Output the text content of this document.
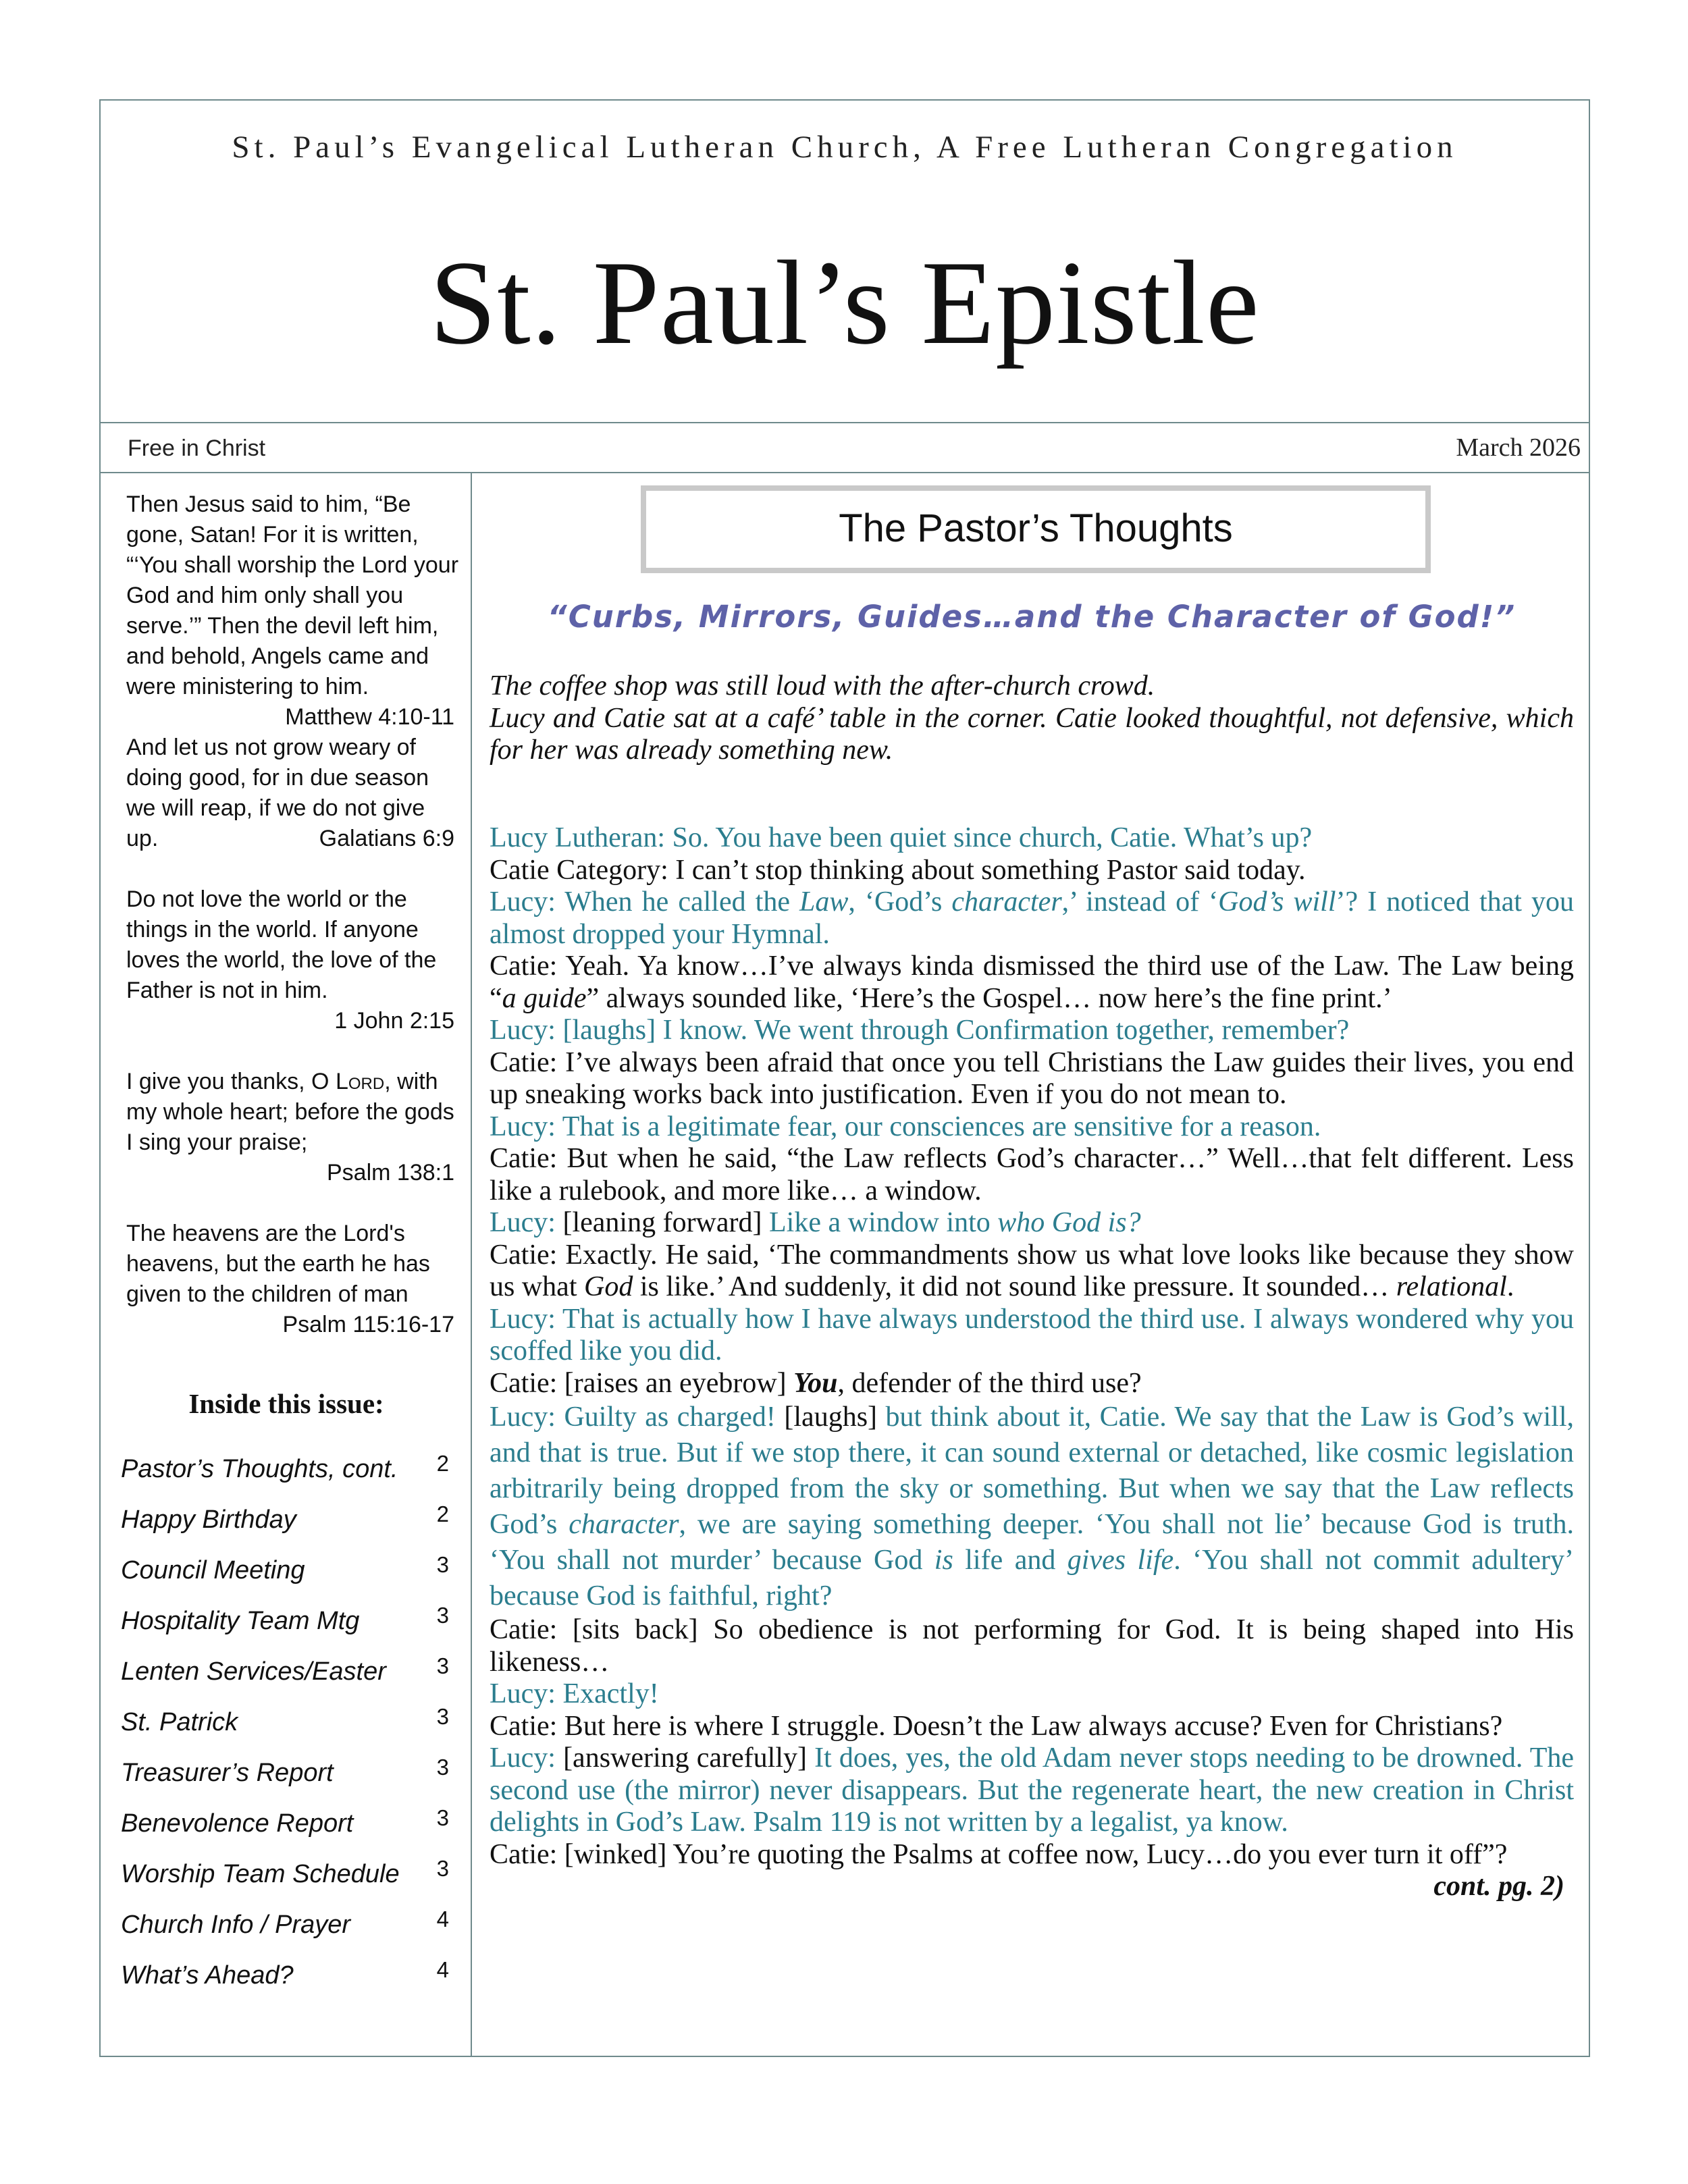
St. Paul’s Evangelical Lutheran Church, A Free Lutheran Congregation
St. Paul’s Epistle
Free in Christ	March 2026
Then Jesus said to him, “Be gone, Satan! For it is written, “‘You shall worship the Lord your God and him only shall you serve.’” Then the devil left him, and behold, Angels came and were ministering to him.
Matthew 4:10-11
And let us not grow weary of doing good, for in due season we will reap, if we do not give up.	Galatians 6:9
Do not love the world or the things in the world. If anyone loves the world, the love of the Father is not in him.
1 John 2:15
I give you thanks, O Lord, with my whole heart; before the gods I sing your praise;
Psalm 138:1
The heavens are the Lord's heavens, but the earth he has given to the children of man
Psalm 115:16-17
Inside this issue:
Pastor’s Thoughts, cont. 2
Happy Birthday	2
Council Meeting	3
Hospitality Team Mtg	3
Lenten Services/Easter 3
St. Patrick	3
Treasurer’s Report	3
Benevolence Report	3
Worship Team Schedule 3
Church Info / Prayer	4
What’s Ahead?	4
The Pastor’s Thoughts
“Curbs, Mirrors, Guides…and the Character of God!”
The coffee shop was still loud with the after-church crowd.
Lucy and Catie sat at a café’ table in the corner. Catie looked thoughtful, not defensive, which for her was already something new.

Lucy Lutheran: So. You have been quiet since church, Catie. What’s up?

Catie Category: I can’t stop thinking about something Pastor said today.

Lucy: When he called the Law, ‘God’s character,’ instead of ‘God’s will’? I noticed that you almost dropped your Hymnal.

Catie: Yeah. Ya know…I’ve always kinda dismissed the third use of the Law. The Law being “a guide” always sounded like, ‘Here’s the Gospel… now here’s the fine print.’

Lucy: [laughs] I know. We went through Confirmation together, remember?

Catie: I’ve always been afraid that once you tell Christians the Law guides their lives, you end up sneaking works back into justification. Even if you do not mean to.

Lucy: That is a legitimate fear, our consciences are sensitive for a reason.

Catie: But when he said, “the Law reflects God’s character…” Well…that felt different. Less like a rulebook, and more like… a window.

Lucy: [leaning forward] Like a window into who God is?

Catie: Exactly. He said, ‘The commandments show us what love looks like because they show us what God is like.’ And suddenly, it did not sound like pressure. It sounded… relational.

Lucy: That is actually how I have always understood the third use. I always wondered why you scoffed like you did.

Catie: [raises an eyebrow] You, defender of the third use?

Lucy: Guilty as charged! [laughs] but think about it, Catie. We say that the Law is God’s will, and that is true. But if we stop there, it can sound external or detached, like cosmic legislation arbitrarily being dropped from the sky or something. But when we say that the Law reflects God’s character, we are saying something deeper. ‘You shall not lie’ because God is truth. ‘You shall not murder’ because God is life and gives life. ‘You shall not commit adultery’ because God is faithful, right?

Catie: [sits back] So obedience is not performing for God. It is being shaped into His likeness…

Lucy: Exactly!

Catie: But here is where I struggle. Doesn’t the Law always accuse? Even for Christians?

Lucy: [answering carefully] It does, yes, the old Adam never stops needing to be drowned. The second use (the mirror) never disappears. But the regenerate heart, the new creation in Christ delights in God’s Law. Psalm 119 is not written by a legalist, ya know.

Catie: [winked] You’re quoting the Psalms at coffee now, Lucy…do you ever turn it off”?
cont. pg. 2)
